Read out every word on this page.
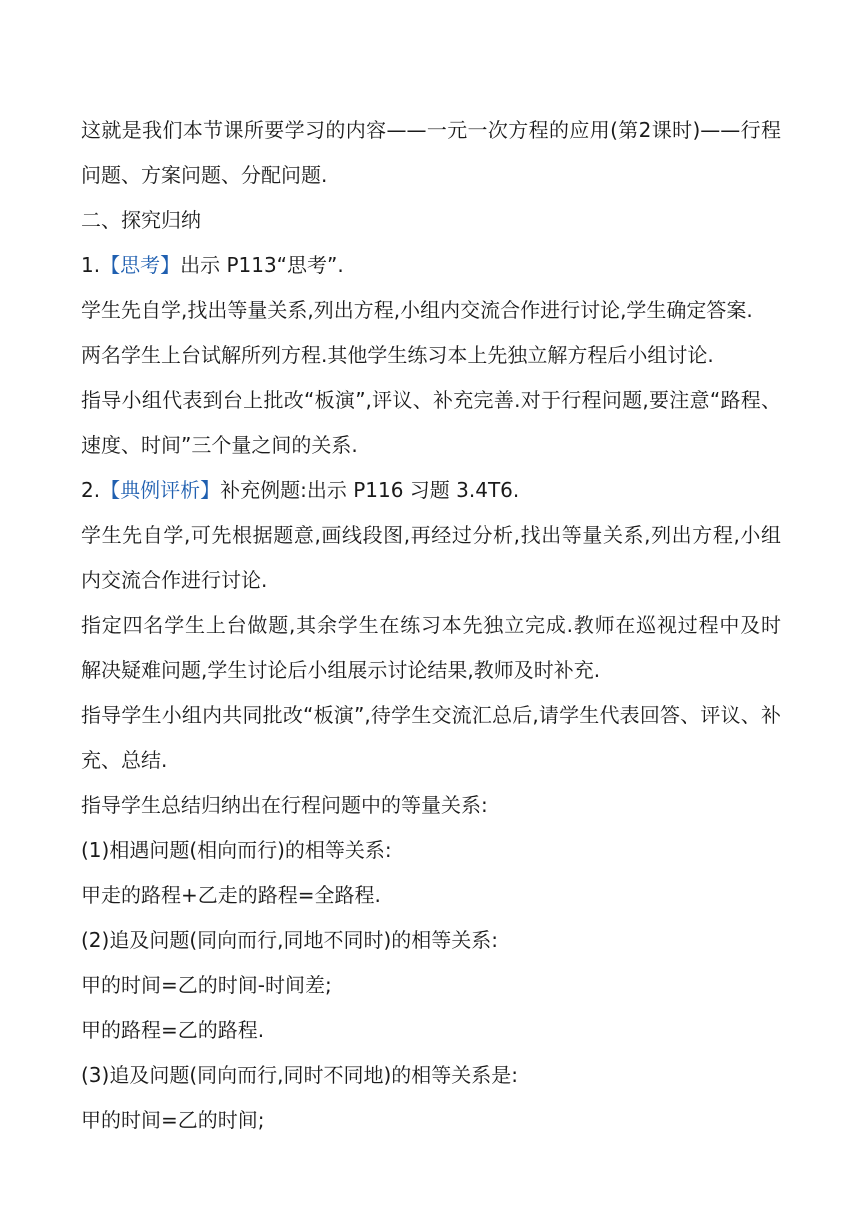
这就是我们本节课所要学习的内容——一元一次方程的应用(第2课时)——行程
问题、方案问题、分配问题.
二、探究归纳
1.【思考】出示 P113“思考”.
学生先自学,找出等量关系,列出方程,小组内交流合作进行讨论,学生确定答案.
两名学生上台试解所列方程.其他学生练习本上先独立解方程后小组讨论.
指导小组代表到台上批改“板演”,评议、补充完善.对于行程问题,要注意“路程、
速度、时间”三个量之间的关系.
2.【典例评析】补充例题:出示 P116 习题 3.4T6.
学生先自学,可先根据题意,画线段图,再经过分析,找出等量关系,列出方程,小组
内交流合作进行讨论.
指定四名学生上台做题,其余学生在练习本先独立完成.教师在巡视过程中及时
解决疑难问题,学生讨论后小组展示讨论结果,教师及时补充.
指导学生小组内共同批改“板演”,待学生交流汇总后,请学生代表回答、评议、补
充、总结.
指导学生总结归纳出在行程问题中的等量关系:
(1)相遇问题(相向而行)的相等关系:
甲走的路程+乙走的路程=全路程.
(2)追及问题(同向而行,同地不同时)的相等关系:
甲的时间=乙的时间-时间差;
甲的路程=乙的路程.
(3)追及问题(同向而行,同时不同地)的相等关系是:
甲的时间=乙的时间;
